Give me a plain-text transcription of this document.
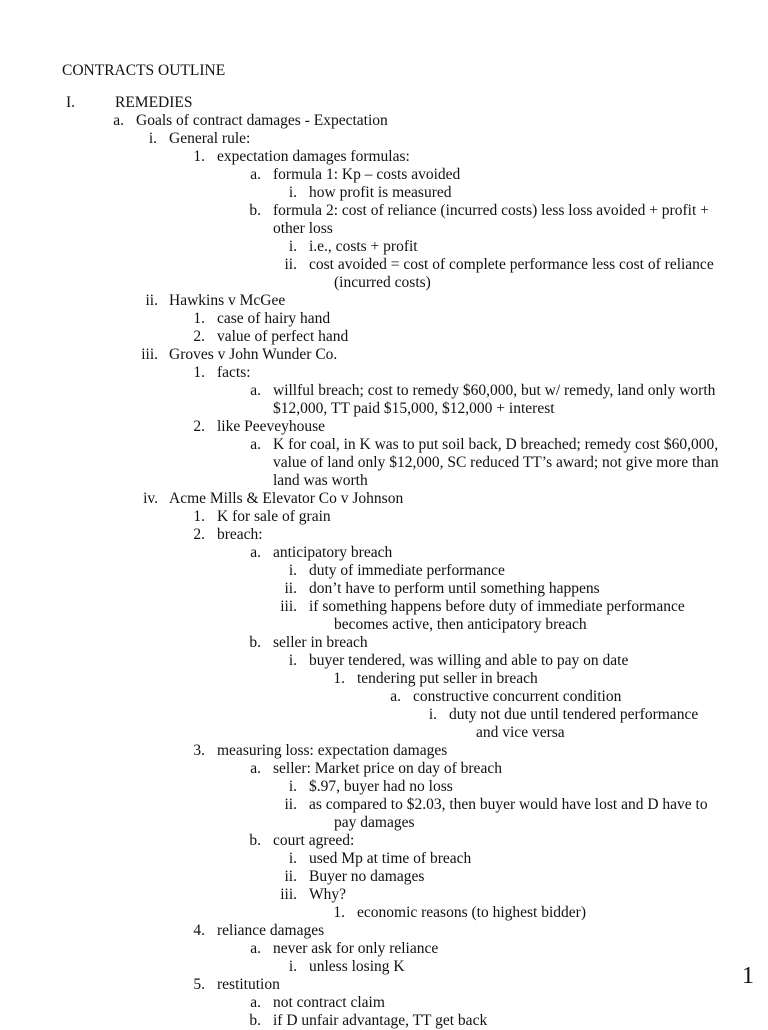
CONTRACTS OUTLINE
I.	REMEDIES
a. Goals of contract damages - Expectation
i. General rule:
1. expectation damages formulas:
a. formula 1: Kp – costs avoided
i. how profit is measured
b. formula 2: cost of reliance (incurred costs) less loss avoided + profit +
other loss
i. i.e., costs + profit
ii. cost avoided = cost of complete performance less cost of reliance
(incurred costs)
ii. Hawkins v McGee
1. case of hairy hand
2. value of perfect hand
iii. Groves v John Wunder Co.
1. facts:
a. willful breach; cost to remedy $60,000, but w/ remedy, land only worth
$12,000, TT paid $15,000, $12,000 + interest
2. like Peeveyhouse
a. K for coal, in K was to put soil back, D breached; remedy cost $60,000,
value of land only $12,000, SC reduced TT’s award; not give more than
land was worth
iv. Acme Mills & Elevator Co v Johnson
1. K for sale of grain
2. breach:
a. anticipatory breach
i. duty of immediate performance
ii. don’t have to perform until something happens
iii. if something happens before duty of immediate performance
becomes active, then anticipatory breach
b. seller in breach
i. buyer tendered, was willing and able to pay on date
1. tendering put seller in breach
a. constructive concurrent condition
i. duty not due until tendered performance
and vice versa
3. measuring loss: expectation damages
a. seller: Market price on day of breach
i. $.97, buyer had no loss
ii. as compared to $2.03, then buyer would have lost and D have to
pay damages
b. court agreed:
i. used Mp at time of breach
ii. Buyer no damages
iii. Why?
1. economic reasons (to highest bidder)
4. reliance damages
a. never ask for only reliance
i. unless losing K
5. restitution
a. not contract claim
b. if D unfair advantage, TT get back
1
